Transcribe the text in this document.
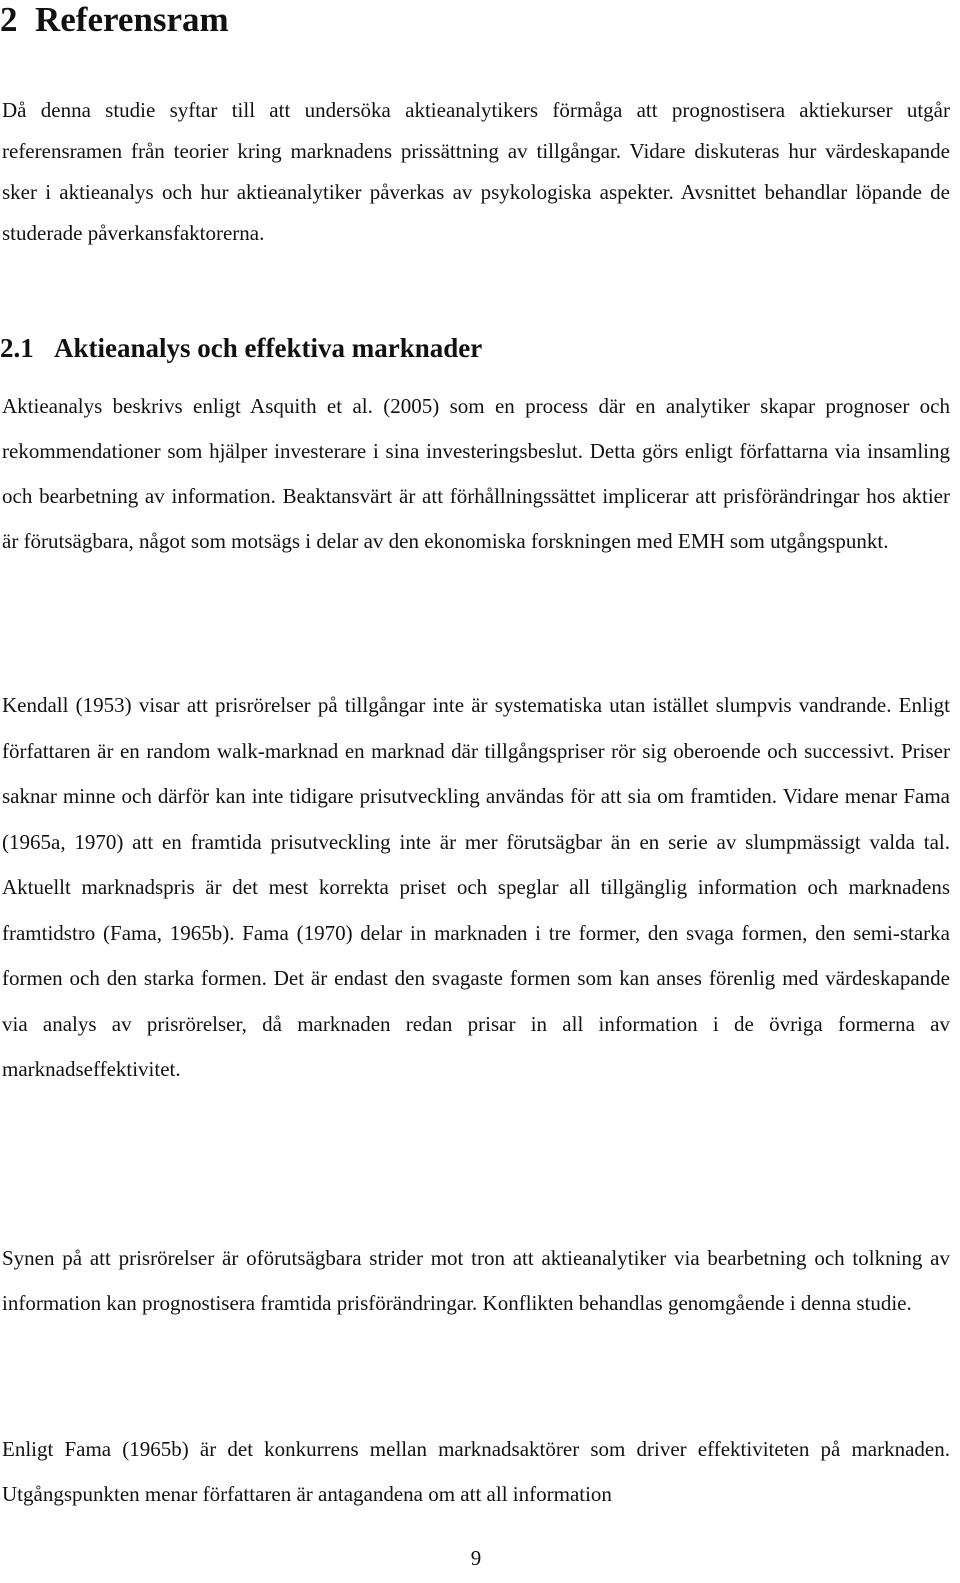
2 Referensram

Då denna studie syftar till att undersöka aktieanalytikers förmåga att prognostisera aktiekurser utgår referensramen från teorier kring marknadens prissättning av tillgångar. Vidare diskuteras hur värdeskapande sker i aktieanalys och hur aktieanalytiker påverkas av psykologiska aspekter. Avsnittet behandlar löpande de studerade påverkansfaktorerna.

2.1 Aktieanalys och effektiva marknader

Aktieanalys beskrivs enligt Asquith et al. (2005) som en process där en analytiker skapar prognoser och rekommendationer som hjälper investerare i sina investeringsbeslut. Detta görs enligt författarna via insamling och bearbetning av information. Beaktansvärt är att förhållningssättet implicerar att prisförändringar hos aktier är förutsägbara, något som motsägs i delar av den ekonomiska forskningen med EMH som utgångspunkt.

Kendall (1953) visar att prisrörelser på tillgångar inte är systematiska utan istället slumpvis vandrande. Enligt författaren är en random walk-marknad en marknad där tillgångspriser rör sig oberoende och successivt. Priser saknar minne och därför kan inte tidigare prisutveckling användas för att sia om framtiden. Vidare menar Fama (1965a, 1970) att en framtida prisutveckling inte är mer förutsägbar än en serie av slumpmässigt valda tal. Aktuellt marknadspris är det mest korrekta priset och speglar all tillgänglig information och marknadens framtidstro (Fama, 1965b). Fama (1970) delar in marknaden i tre former, den svaga formen, den semi-starka formen och den starka formen. Det är endast den svagaste formen som kan anses förenlig med värdeskapande via analys av prisrörelser, då marknaden redan prisar in all information i de övriga formerna av marknadseffektivitet.

Synen på att prisrörelser är oförutsägbara strider mot tron att aktieanalytiker via bearbetning och tolkning av information kan prognostisera framtida prisförändringar. Konflikten behandlas genomgående i denna studie.

Enligt Fama (1965b) är det konkurrens mellan marknadsaktörer som driver effektiviteten på marknaden. Utgångspunkten menar författaren är antagandena om att all information

9
